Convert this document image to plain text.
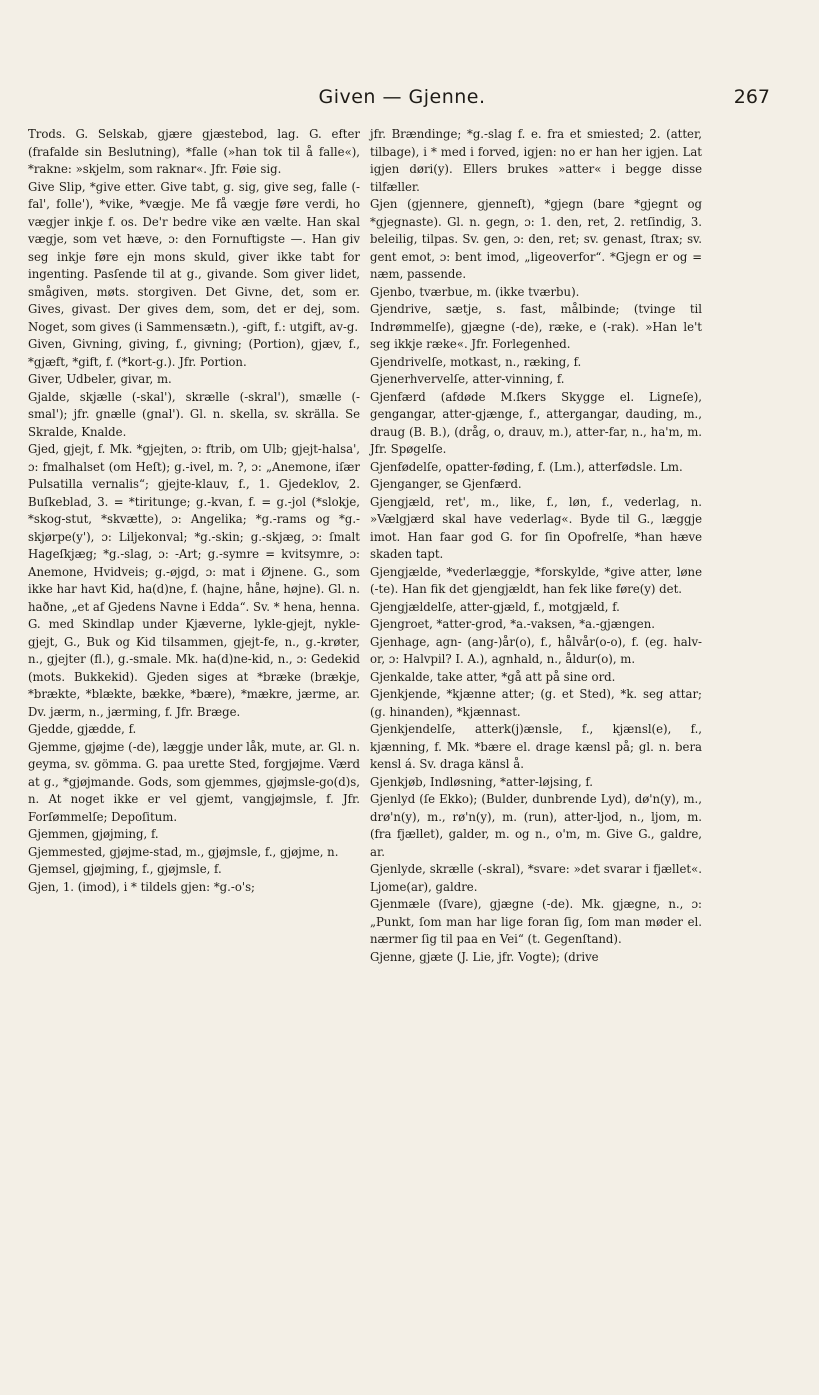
Given — Gjenne.	267

Trods. G. Selskab, gjære gjæstebod, lag. G. efter (frafalde sin Beslutning), *falle (»han tok til å falle«), *rakne: »skjelm, som raknar«. Jfr. Føie sig.

Give Slip, *give etter. Give tabt, g. sig, give seg, falle (-fal', folle'), *vike, *vægje. Me få vægje føre verdi, ho vægjer inkje f. os. De'r bedre vike æn vælte. Han skal vægje, som vet hæve, ɔ: den Fornuftigste —. Han giv seg inkje føre ejn mons skuld, giver ikke tabt for ingenting. Pasſende til at g., givande. Som giver lidet, smågiven, møts. storgiven. Det Givne, det, som er. Gives, givast. Der gives dem, som, det er dej, som. Noget, som gives (i Sammensætn.), -gift, f.: utgift, av-g.

Given, Givning, giving, f., givning; (Portion), gjæv, f., *gjæft, *gift, f. (*kort-g.). Jfr. Portion.

Giver, Udbeler, givar, m.

Gjalde, skjælle (-skal'), skrælle (-skral'), smælle (-smal'); jfr. gnælle (gnal'). Gl. n. skella, sv. skrälla. Se Skralde, Knalde.

Gjed, gjejt, f. Mk. *gjejten, ɔ: ftrib, om Ulb; gjejt-halsa', ɔ: fmalhalset (om Heſt); g.-ivel, m. ?, ɔ: „Anemone, iſær Pulsatilla vernalis“; gjejte-klauv, f., 1. Gjedeklov, 2. Buſkeblad, 3. = *tiritunge; g.-kvan, f. = g.-jol (*slokje, *skog-stut, *skvætte), ɔ: Angelika; *g.-rams og *g.-skjørpe(y'), ɔ: Liljekonval; *g.-skin; g.-skjæg, ɔ: ſmalt Hageſkjæg; *g.-slag, ɔ: -Art; g.-symre = kvitsymre, ɔ: Anemone, Hvidveis; g.-øjgd, ɔ: mat i Øjnene. G., som ikke har havt Kid, ha(d)ne, f. (hajne, håne, højne). Gl. n. haðne, „et af Gjedens Navne i Edda“. Sv. * hena, henna. G. med Skindlap under Kjæverne, lykle-gjejt, nykle-gjejt, G., Buk og Kid tilsammen, gjejt-fe, n., g.-krøter, n., gjejter (fl.), g.-smale. Mk. ha(d)ne-kid, n., ɔ: Gedekid (mots. Bukkekid). Gjeden siges at *bræke (brækje, *brækte, *blækte, bække, *bære), *mækre, jærme, ar. Dv. jærm, n., jærming, f. Jfr. Bræge.

Gjedde, gjædde, f.

Gjemme, gjøjme (-de), læggje under låk, mute, ar. Gl. n. geyma, sv. gömma. G. paa urette Sted, forgjøjme. Værd at g., *gjøjmande. Gods, som gjemmes, gjøjmsle-go(d)s, n. At noget ikke er vel gjemt, vangjøjmsle, f. Jfr. Forſømmelſe; Depoſitum.

Gjemmen, gjøjming, f.

Gjemmested, gjøjme-stad, m., gjøjmsle, f., gjøjme, n.

Gjemsel, gjøjming, f., gjøjmsle, f.

Gjen, 1. (imod), i * tildels gjen: *g.-o's;

jfr. Brændinge; *g.-slag f. e. fra et smiested; 2. (atter, tilbage), i * med i forved, igjen: no er han her igjen. Lat igjen døri(y). Ellers brukes »atter« i begge disse tilfæller.

Gjen (gjennere, gjenneſt), *gjegn (bare *gjegnt og *gjegnaste). Gl. n. gegn, ɔ: 1. den, ret, 2. retſindig, 3. beleilig, tilpas. Sv. gen, ɔ: den, ret; sv. genast, ſtrax; sv. gent emot, ɔ: bent imod, „ligeoverfor“. *Gjegn er og = næm, passende.

Gjenbo, tværbue, m. (ikke tværbu).

Gjendrive, sætje, s. fast, målbinde; (tvinge til Indrømmelſe), gjægne (-de), ræke, e (-rak). »Han le't seg ikkje ræke«. Jfr. Forlegenhed.

Gjendrivelſe, motkast, n., ræking, f.

Gjenerhvervelſe, atter-vinning, f.

Gjenfærd (afdøde M.ſkers Skygge el. Ligneſe), gengangar, atter-gjænge, f., attergangar, dauding, m., draug (B. B.), (dråg, o, drauv, m.), atter-far, n., ha'm, m. Jfr. Spøgelſe.

Gjenfødelſe, opatter-føding, f. (Lm.), atterfødsle. Lm.

Gjenganger, se Gjenfærd.

Gjengjæld, ret', m., like, f., løn, f., vederlag, n. »Vælgjærd skal have vederlag«. Byde til G., læggje imot. Han faar god G. for ſin Opofrelſe, *han hæve skaden tapt.

Gjengjælde, *vederlæggje, *forskylde, *give atter, løne (-te). Han fik det gjengjældt, han fek like føre(y) det.

Gjengjældelſe, atter-gjæld, f., motgjæld, f.

Gjengroet, *atter-grod, *a.-vaksen, *a.-gjængen.

Gjenhage, agn- (ang-)år(o), f., hålvår(o-o), f. (eg. halv-or, ɔ: Halvpil? I. A.), agnhald, n., åldur(o), m.

Gjenkalde, take atter, *gå att på sine ord.

Gjenkjende, *kjænne atter; (g. et Sted), *k. seg attar; (g. hinanden), *kjænnast.

Gjenkjendelſe, atterk(j)ænsle, f., kjænsl(e), f., kjænning, f. Mk. *bære el. drage kænsl på; gl. n. bera kensl á. Sv. draga känsl å.

Gjenkjøb, Indløsning, *atter-løjsing, f.

Gjenlyd (ſe Ekko); (Bulder, dunbrende Lyd), dø'n(y), m., drø'n(y), m., rø'n(y), m. (run), atter-ljod, n., ljom, m. (fra fjællet), galder, m. og n., o'm, m. Give G., galdre, ar.

Gjenlyde, skrælle (-skral), *svare: »det svarar i fjællet«. Ljome(ar), galdre.

Gjenmæle (ſvare), gjægne (-de). Mk. gjægne, n., ɔ: „Punkt, ſom man har lige foran ſig, ſom man møder el. nærmer ſig til paa en Vei“ (t. Gegenſtand).

Gjenne, gjæte (J. Lie, jfr. Vogte); (drive
